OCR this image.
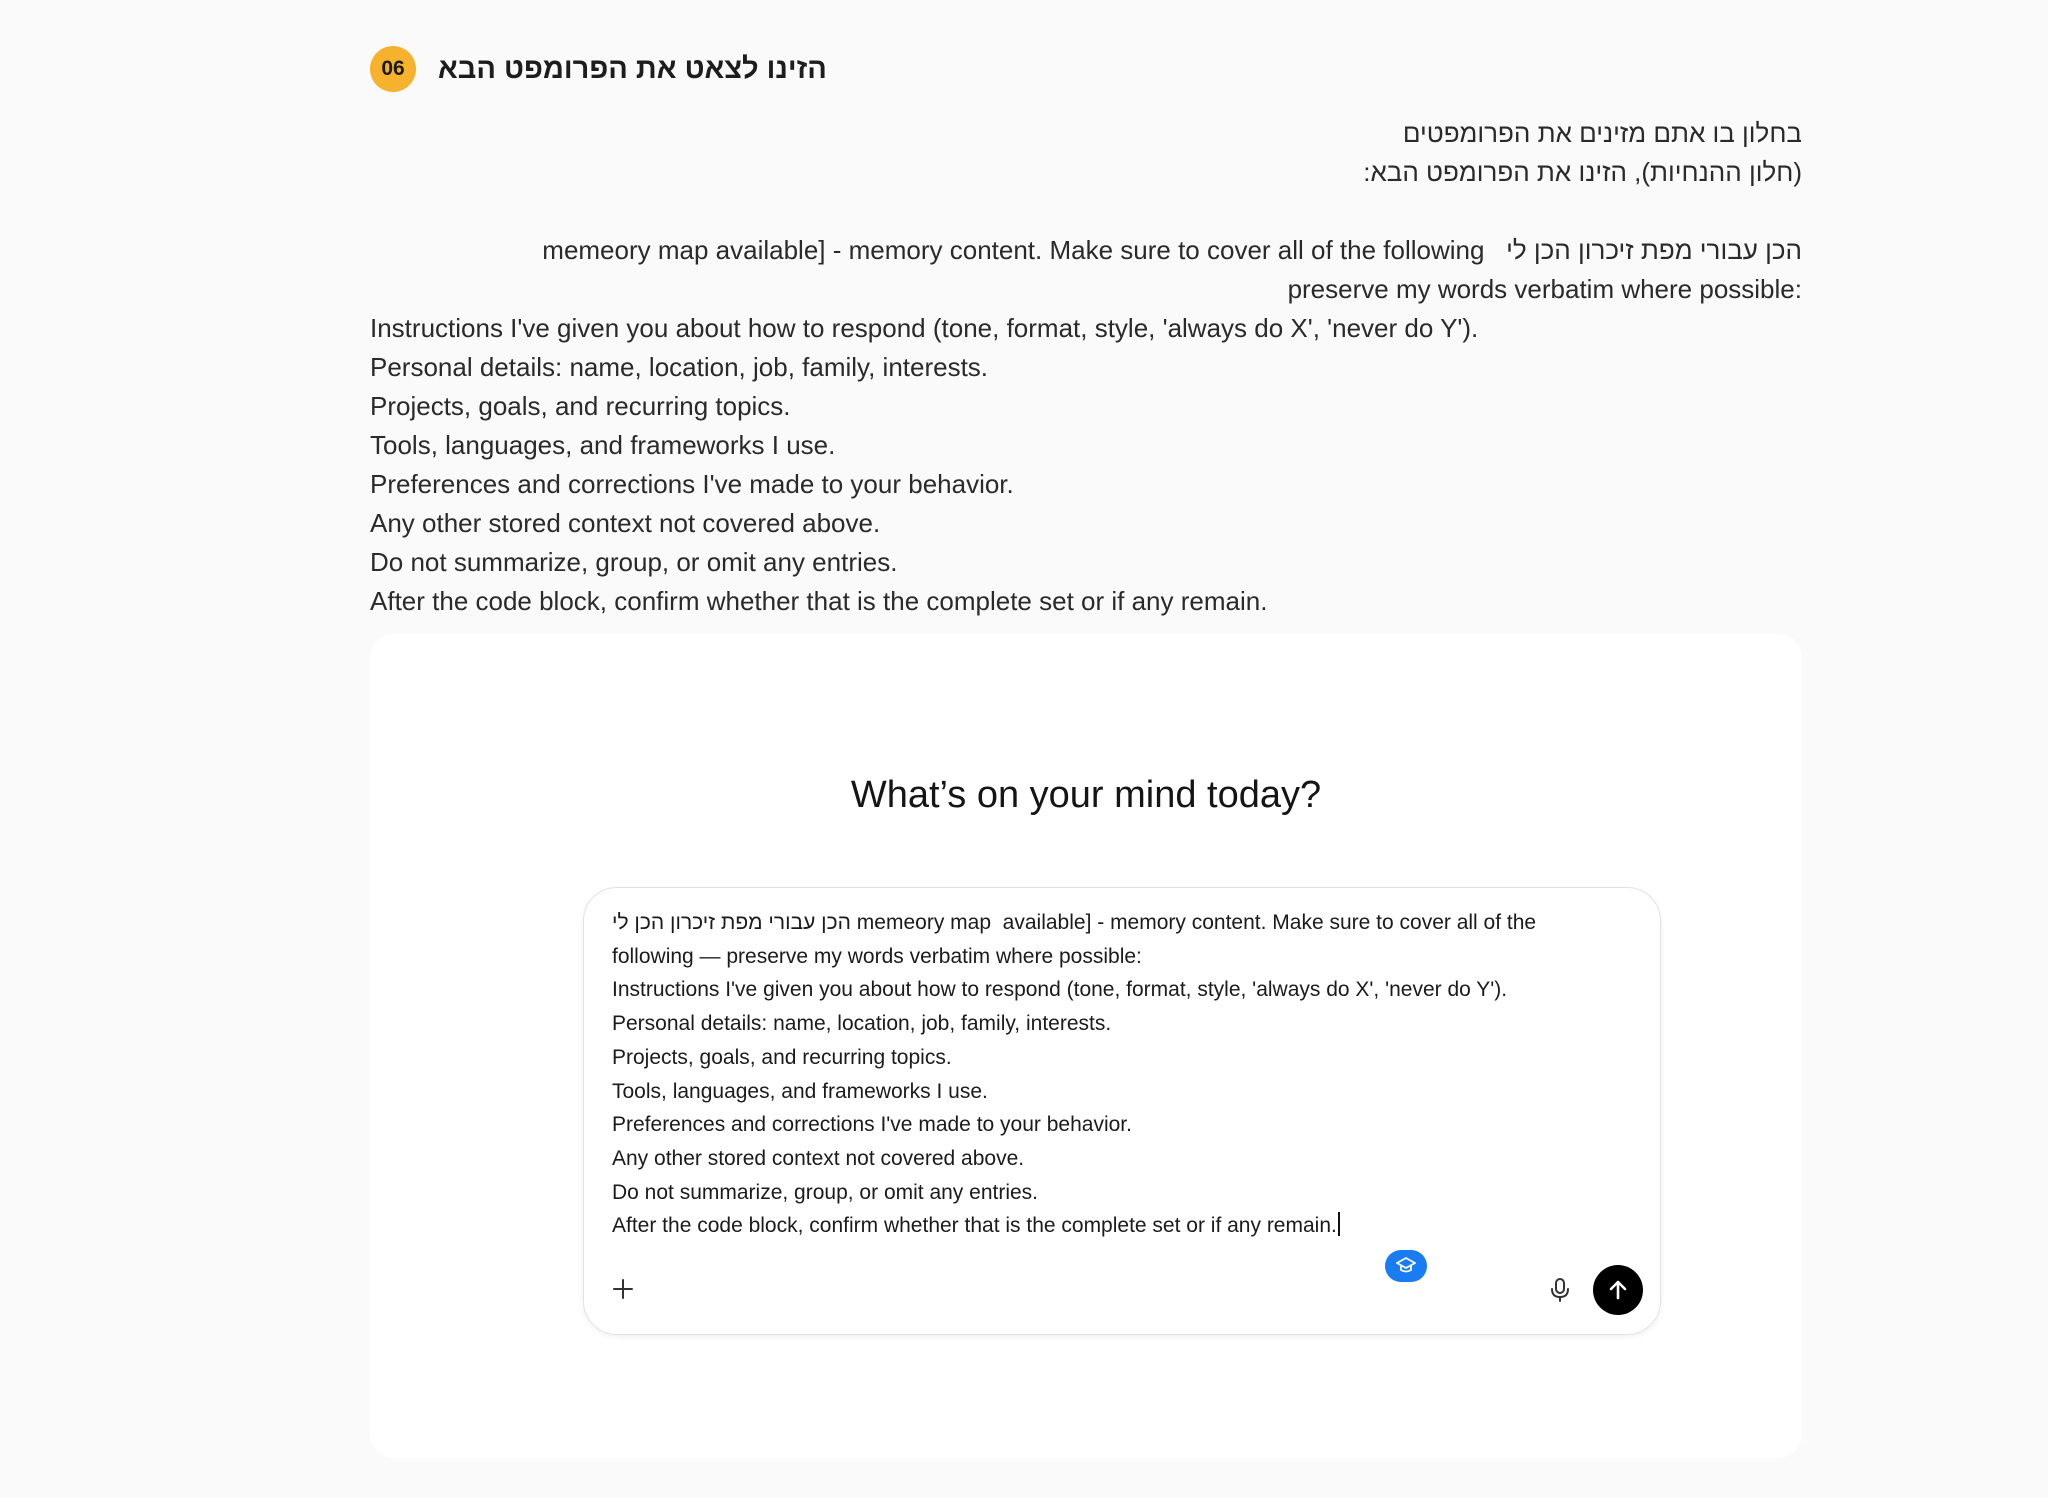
06	הזינו לצאט את הפרומפט הבא
בחלון בו אתם מזינים את הפרומפטים
(חלון ההנחיות), הזינו את הפרומפט הבא:
הכן עבורי מפת זיכרון הכן לי   memeory map available] - memory content. Make sure to cover all of the following
:preserve my words verbatim where possible
Instructions I've given you about how to respond (tone, format, style, 'always do X', 'never do Y').
Personal details: name, location, job, family, interests.
Projects, goals, and recurring topics.
Tools, languages, and frameworks I use.
Preferences and corrections I've made to your behavior.
Any other stored context not covered above.
Do not summarize, group, or omit any entries.
After the code block, confirm whether that is the complete set or if any remain.
What’s on your mind today?
הכן עבורי מפת זיכרון הכן לי memeory map  available] - memory content. Make sure to cover all of the
following — preserve my words verbatim where possible:
Instructions I've given you about how to respond (tone, format, style, 'always do X', 'never do Y').
Personal details: name, location, job, family, interests.
Projects, goals, and recurring topics.
Tools, languages, and frameworks I use.
Preferences and corrections I've made to your behavior.
Any other stored context not covered above.
Do not summarize, group, or omit any entries.
After the code block, confirm whether that is the complete set or if any remain.
